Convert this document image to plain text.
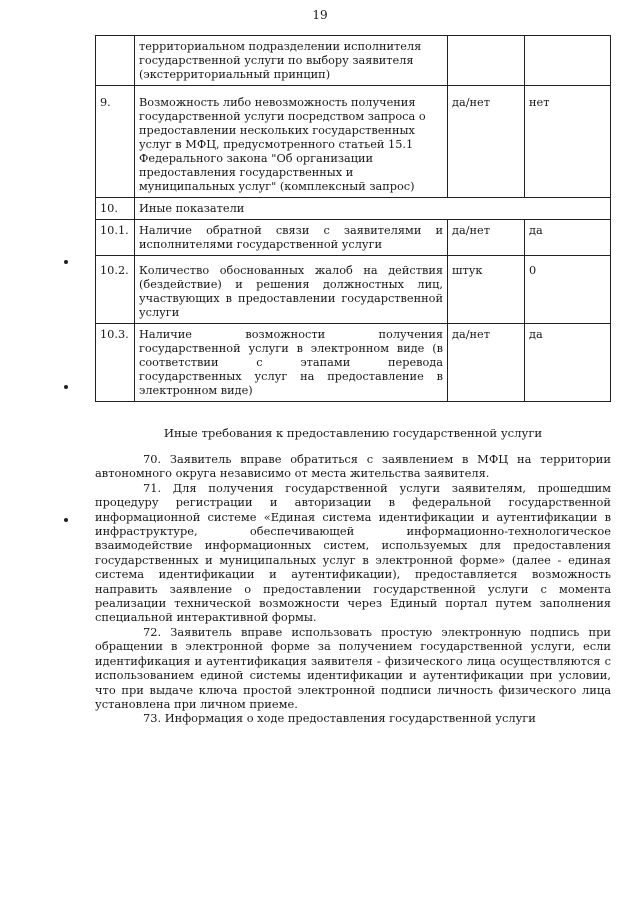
19
	территориальном подразделении исполнителя государственной услуги по выбору заявителя (экстерриториальный принцип)		
9.	Возможность либо невозможность получения государственной услуги посредством запроса о предоставлении нескольких государственных услуг в МФЦ, предусмотренного статьей 15.1 Федерального закона "Об организации предоставления государственных и муниципальных услуг" (комплексный запрос)	да/нет	нет
10.	Иные показатели		
10.1.	Наличие обратной связи с заявителями и исполнителями государственной услуги	да/нет	да
10.2.	Количество обоснованных жалоб на действия (бездействие) и решения должностных лиц, участвующих в предоставлении государственной услуги	штук	0
10.3.	Наличие возможности получения государственной услуги в электронном виде (в соответствии с этапами перевода государственных услуг на предоставление в электронном виде)	да/нет	да
Иные требования к предоставлению государственной услуги

70. Заявитель вправе обратиться с заявлением в МФЦ на территории автономного округа независимо от места жительства заявителя.

71. Для получения государственной услуги заявителям, прошедшим процедуру регистрации и авторизации в федеральной государственной информационной системе «Единая система идентификации и аутентификации в инфраструктуре, обеспечивающей информационно-технологическое взаимодействие информационных систем, используемых для предоставления государственных и муниципальных услуг в электронной форме» (далее - единая система идентификации и аутентификации), предоставляется возможность направить заявление о предоставлении государственной услуги с момента реализации технической возможности через Единый портал путем заполнения специальной интерактивной формы.

72. Заявитель вправе использовать простую электронную подпись при обращении в электронной форме за получением государственной услуги, если идентификация и аутентификация заявителя - физического лица осуществляются с использованием единой системы идентификации и аутентификации при условии, что при выдаче ключа простой электронной подписи личность физического лица установлена при личном приеме.

73. Информация о ходе предоставления государственной услуги
